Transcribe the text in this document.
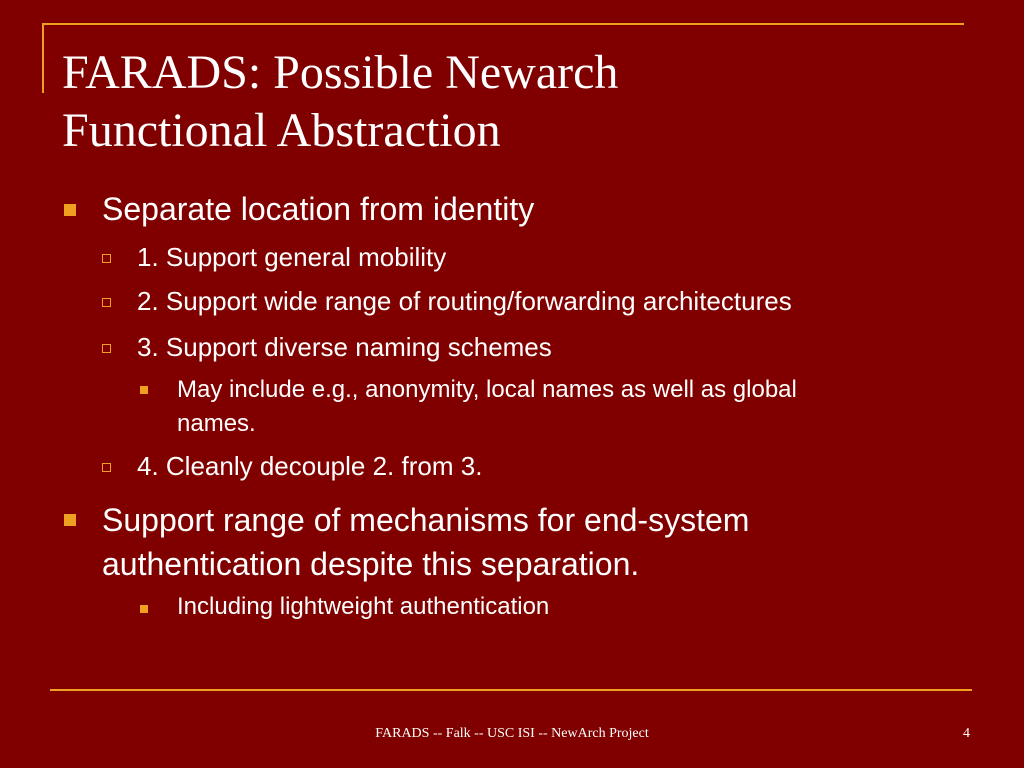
FARADS: Possible Newarch
Functional Abstraction
Separate location from identity
1. Support general mobility
2. Support wide range of routing/forwarding architectures
3. Support diverse naming schemes
May include e.g., anonymity, local names as well as global
names.
4. Cleanly decouple 2. from 3.
Support range of mechanisms for end-system
authentication despite this separation.
Including lightweight authentication
FARADS -- Falk -- USC ISI -- NewArch Project	4
